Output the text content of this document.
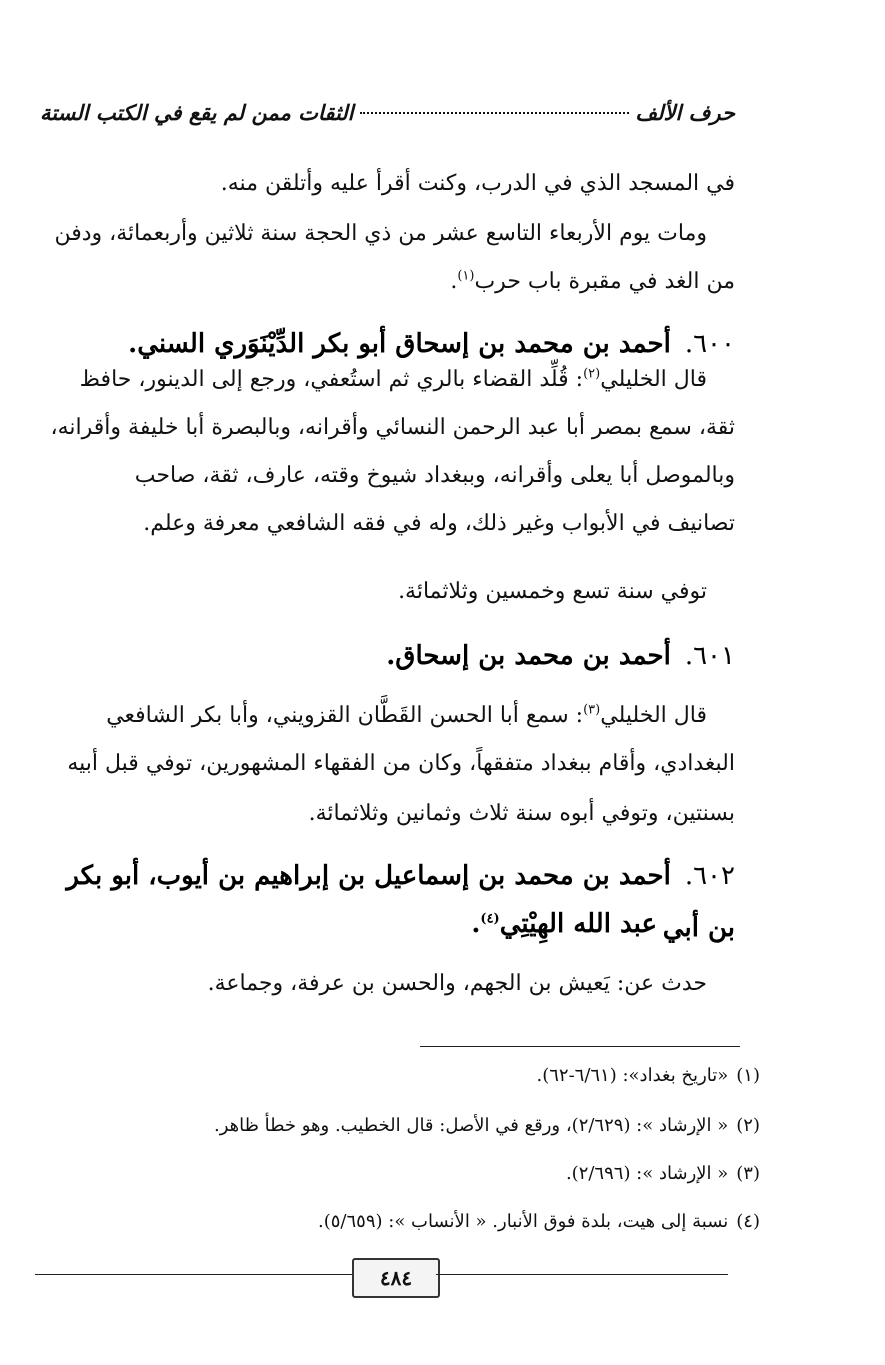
حرف الألف
الثقات ممن لم يقع في الكتب الستة
في المسجد الذي في الدرب، وكنت أقرأ عليه وأتلقن منه.
ومات يوم الأربعاء التاسع عشر من ذي الحجة سنة ثلاثين وأربعمائة، ودفن
من الغد في مقبرة باب حرب$^{(١)}$.
٦٠٠.أحمد بن محمد بن إسحاق أبو بكر الدِّيْنَوَري السني.
قال الخليلي$^{(٢)}$: قُلِّد القضاء بالري ثم استُعفي، ورجع إلى الدينور، حافظ
ثقة، سمع بمصر أبا عبد الرحمن النسائي وأقرانه، وبالبصرة أبا خليفة وأقرانه،
وبالموصل أبا يعلى وأقرانه، وببغداد شيوخ وقته، عارف، ثقة، صاحب
تصانيف في الأبواب وغير ذلك، وله في فقه الشافعي معرفة وعلم.
توفي سنة تسع وخمسين وثلاثمائة.
٦٠١.أحمد بن محمد بن إسحاق.
قال الخليلي$^{(٣)}$: سمع أبا الحسن القَطَّان القزويني، وأبا بكر الشافعي
البغدادي، وأقام ببغداد متفقهاً، وكان من الفقهاء المشهورين، توفي قبل أبيه
بسنتين، وتوفي أبوه سنة ثلاث وثمانين وثلاثمائة.
٦٠٢.أحمد بن محمد بن إسماعيل بن إبراهيم بن أيوب، أبو بكر بن أبي
عبد الله الهِيْتِي$^{(٤)}$.
حدث عن: يَعيش بن الجهم، والحسن بن عرفة، وجماعة.
(١)«تاريخ بغداد»: (٦/٦١-٦٢).
(٢)« الإرشاد »: (٢/٦٢٩)، ورقع في الأصل: قال الخطيب. وهو خطأ ظاهر.
(٣)« الإرشاد »: (٢/٦٩٦).
(٤)نسبة إلى هيت، بلدة فوق الأنبار. « الأنساب »: (٥/٦٥٩).
٤٨٤
